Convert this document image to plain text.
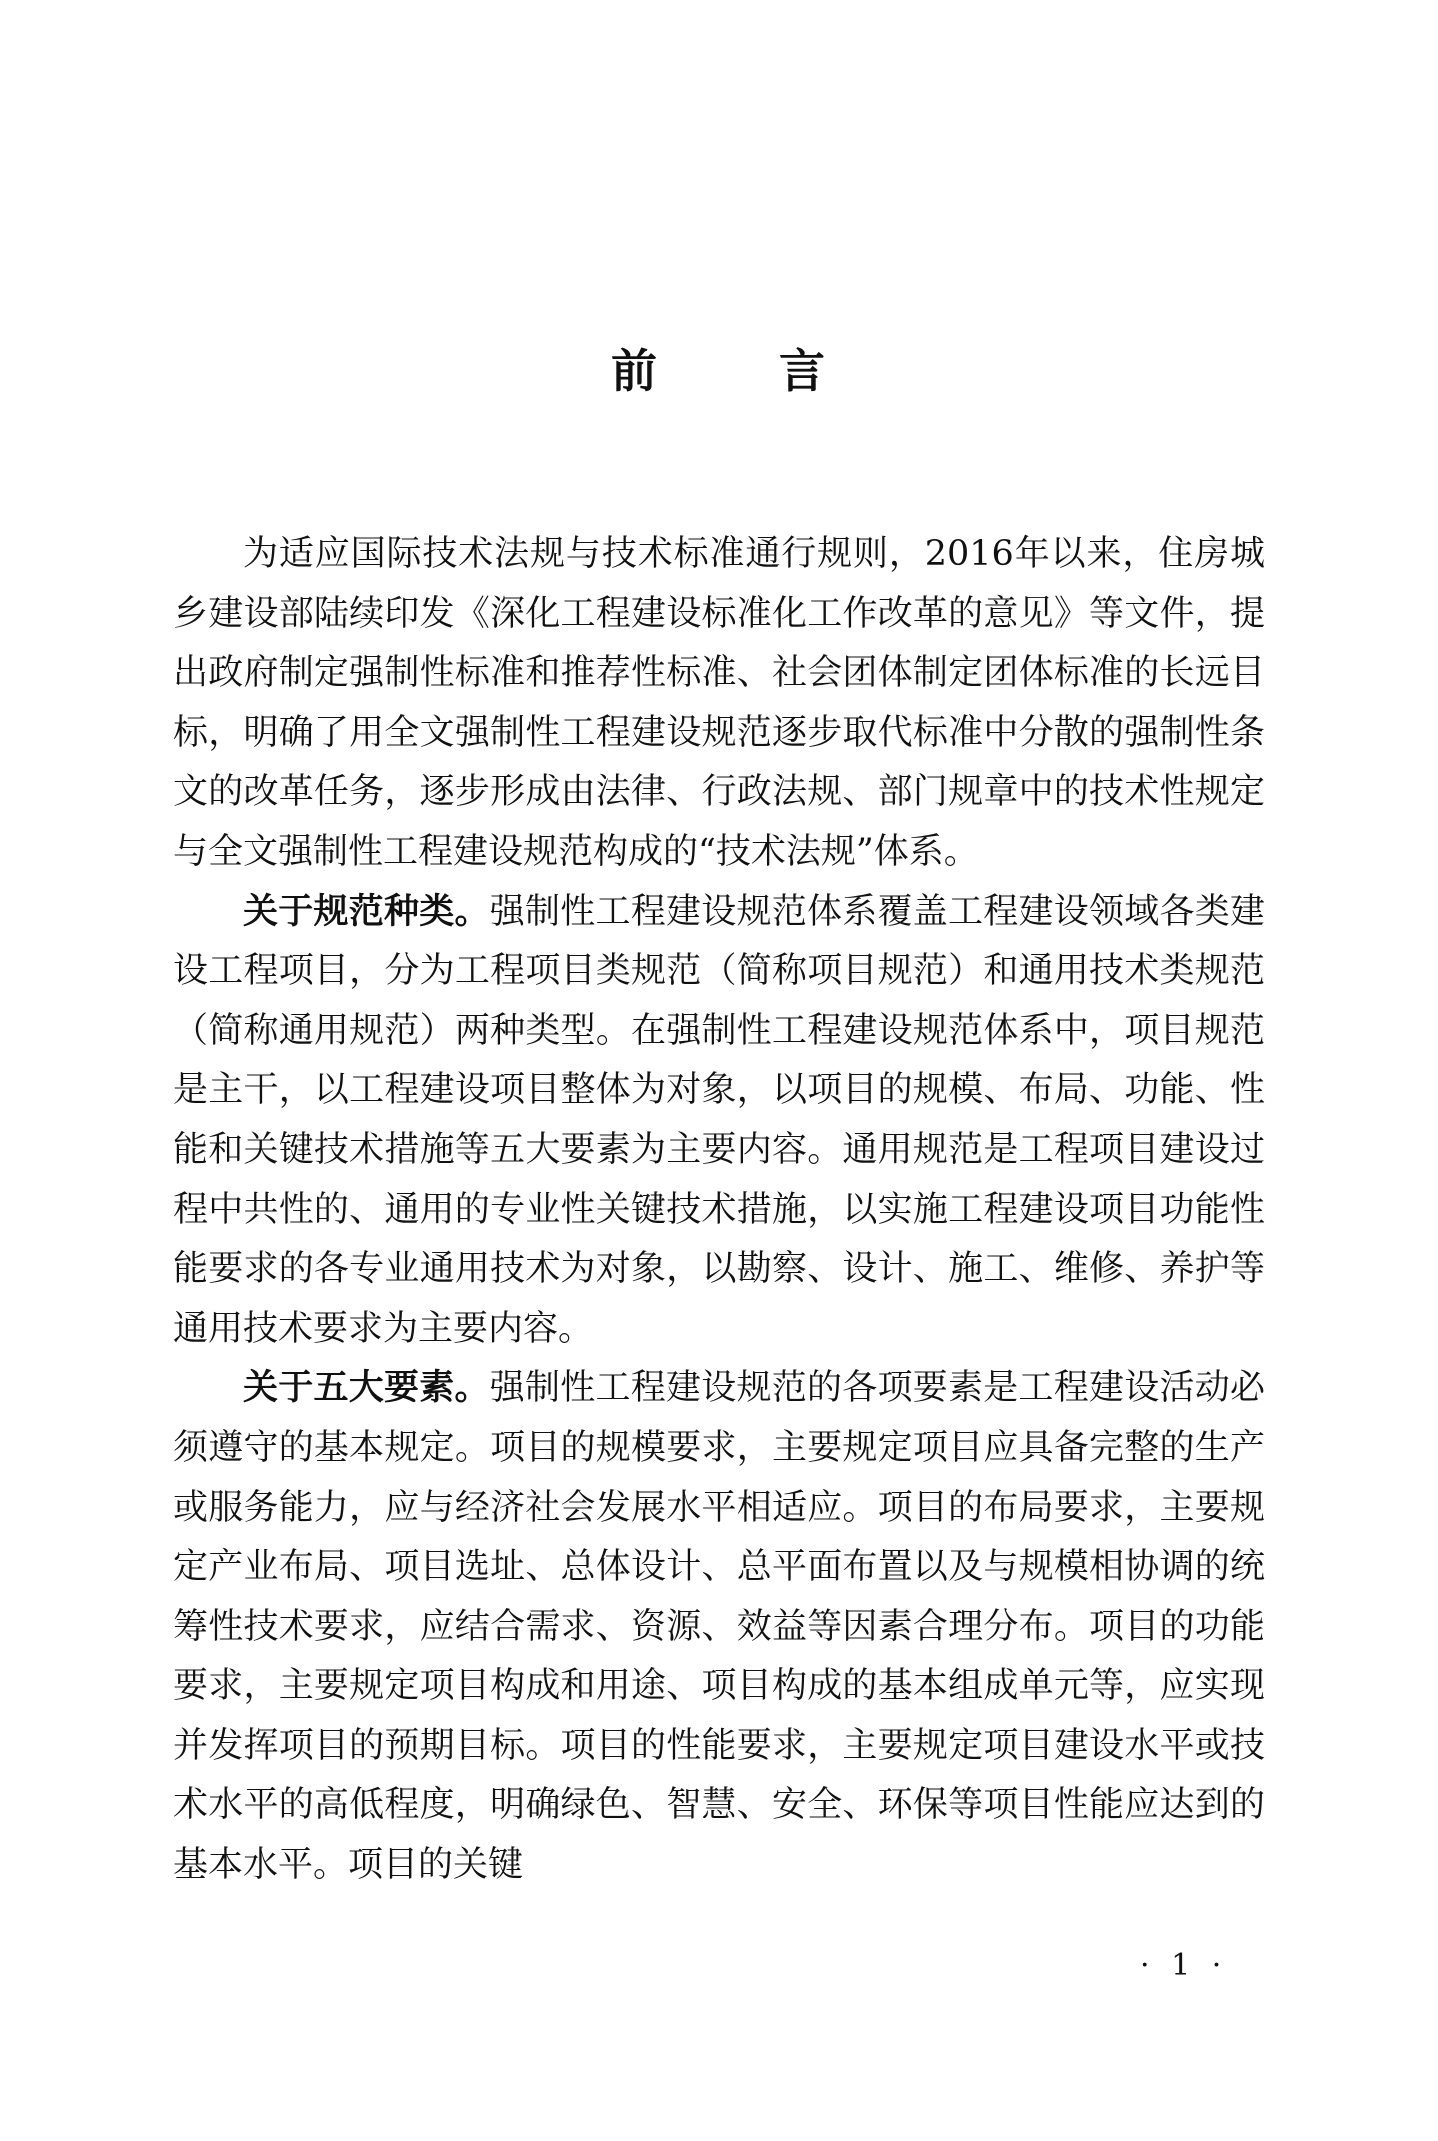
前	言

为适应国际技术法规与技术标准通行规则，2016年以来，住房城乡建设部陆续印发《深化工程建设标准化工作改革的意见》等文件，提出政府制定强制性标准和推荐性标准、社会团体制定团体标准的长远目标，明确了用全文强制性工程建设规范逐步取代标准中分散的强制性条文的改革任务，逐步形成由法律、行政法规、部门规章中的技术性规定与全文强制性工程建设规范构成的“技术法规”体系。

关于规范种类。强制性工程建设规范体系覆盖工程建设领域各类建设工程项目，分为工程项目类规范（简称项目规范）和通用技术类规范（简称通用规范）两种类型。在强制性工程建设规范体系中，项目规范是主干，以工程建设项目整体为对象，以项目的规模、布局、功能、性能和关键技术措施等五大要素为主要内容。通用规范是工程项目建设过程中共性的、通用的专业性关键技术措施，以实施工程建设项目功能性能要求的各专业通用技术为对象，以勘察、设计、施工、维修、养护等通用技术要求为主要内容。

关于五大要素。强制性工程建设规范的各项要素是工程建设活动必须遵守的基本规定。项目的规模要求，主要规定项目应具备完整的生产或服务能力，应与经济社会发展水平相适应。项目的布局要求，主要规定产业布局、项目选址、总体设计、总平面布置以及与规模相协调的统筹性技术要求，应结合需求、资源、效益等因素合理分布。项目的功能要求，主要规定项目构成和用途、项目构成的基本组成单元等，应实现并发挥项目的预期目标。项目的性能要求，主要规定项目建设水平或技术水平的高低程度，明确绿色、智慧、安全、环保等项目性能应达到的基本水平。项目的关键

· 1 ·
